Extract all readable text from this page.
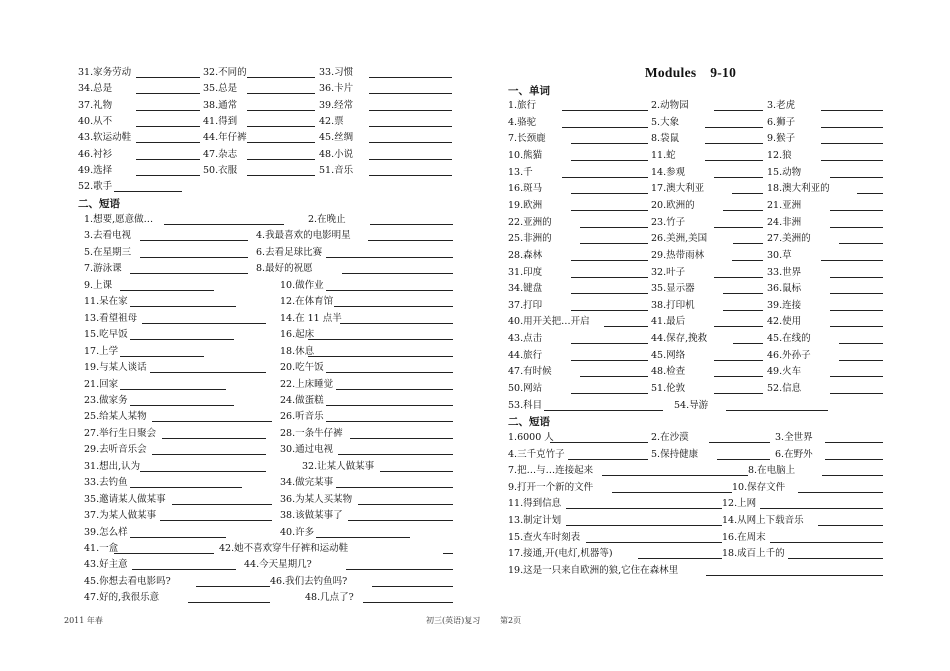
31.家务劳动	32.不同的	33.习惯
34.总是	35.总是	36.卡片
37.礼物	38.通常	39.经常
40.从不	41.得到	42.票
43.软运动鞋	44.年仔裤	45.丝绸
46.衬衫	47.杂志	48.小说
49.选择	50.衣服	51.音乐
52.歌手
二、短语
1.想要,愿意做…	2.在晚止
3.去看电视	4.我最喜欢的电影明星
5.在星期三	6.去看足球比赛
7.游泳课	8.最好的祝愿
9.上课	10.做作业
11.呆在家	12.在体育馆
13.看望祖母	14.在 11 点半
15.吃早饭	16.起床
17.上学	18.休息
19.与某人谈话	20.吃午饭
21.回家	22.上床睡觉
23.做家务	24.做蛋糕
25.给某人某物	26.听音乐
27.举行生日聚会	28.一条牛仔裤
29.去听音乐会	30.通过电视
31.想出,认为	32.让某人做某事
33.去钓鱼	34.做完某事
35.邀请某人做某事	36.为某人买某物
37.为某人做某事	38.该做某事了
39.怎么样	40.许多
41.一盒	42.她不喜欢穿牛仔裤和运动鞋
43.好主意	44.今天星期几?
45.你想去看电影吗?	46.我们去钓鱼吗?
47.好的,我很乐意	48.几点了?
Modules　9-10
一、单词
1.旅行	2.动物园	3.老虎
4.骆驼	5.大象	6.狮子
7.长颈鹿	8.袋鼠	9.猴子
10.熊猫	11.蛇	12.狼
13.千	14.参观	15.动物
16.斑马	17.澳大利亚	18.澳大利亚的
19.欧洲	20.欧洲的	21.亚洲
22.亚洲的	23.竹子	24.非洲
25.非洲的	26.美洲,美国	27.美洲的
28.森林	29.热带雨林	30.草
31.印度	32.叶子	33.世界
34.键盘	35.显示器	36.鼠标
37.打印	38.打印机	39.连接
40.用开关把…开启	41.最后	42.使用
43.点击	44.保存,挽救	45.在线的
44.旅行	45.网络	46.外孙子
47.有时候	48.检查	49.火车
50.网站	51.伦敦	52.信息
53.科目	54.导游
二、短语
1.6000 人	2.在沙漠	3.全世界
4.三千克竹子	5.保持健康	6.在野外
7.把…与…连接起来	8.在电脑上
9.打开一个新的文件	10.保存文件
11.得到信息	12.上网
13.制定计划	14.从网上下载音乐
15.查火车时刻表	16.在周末
17.接通,开(电灯,机器等)	18.成百上千的
19.这是一只来自欧洲的狼,它住在森林里
2011 年春	初三(英语)复习 第2页
